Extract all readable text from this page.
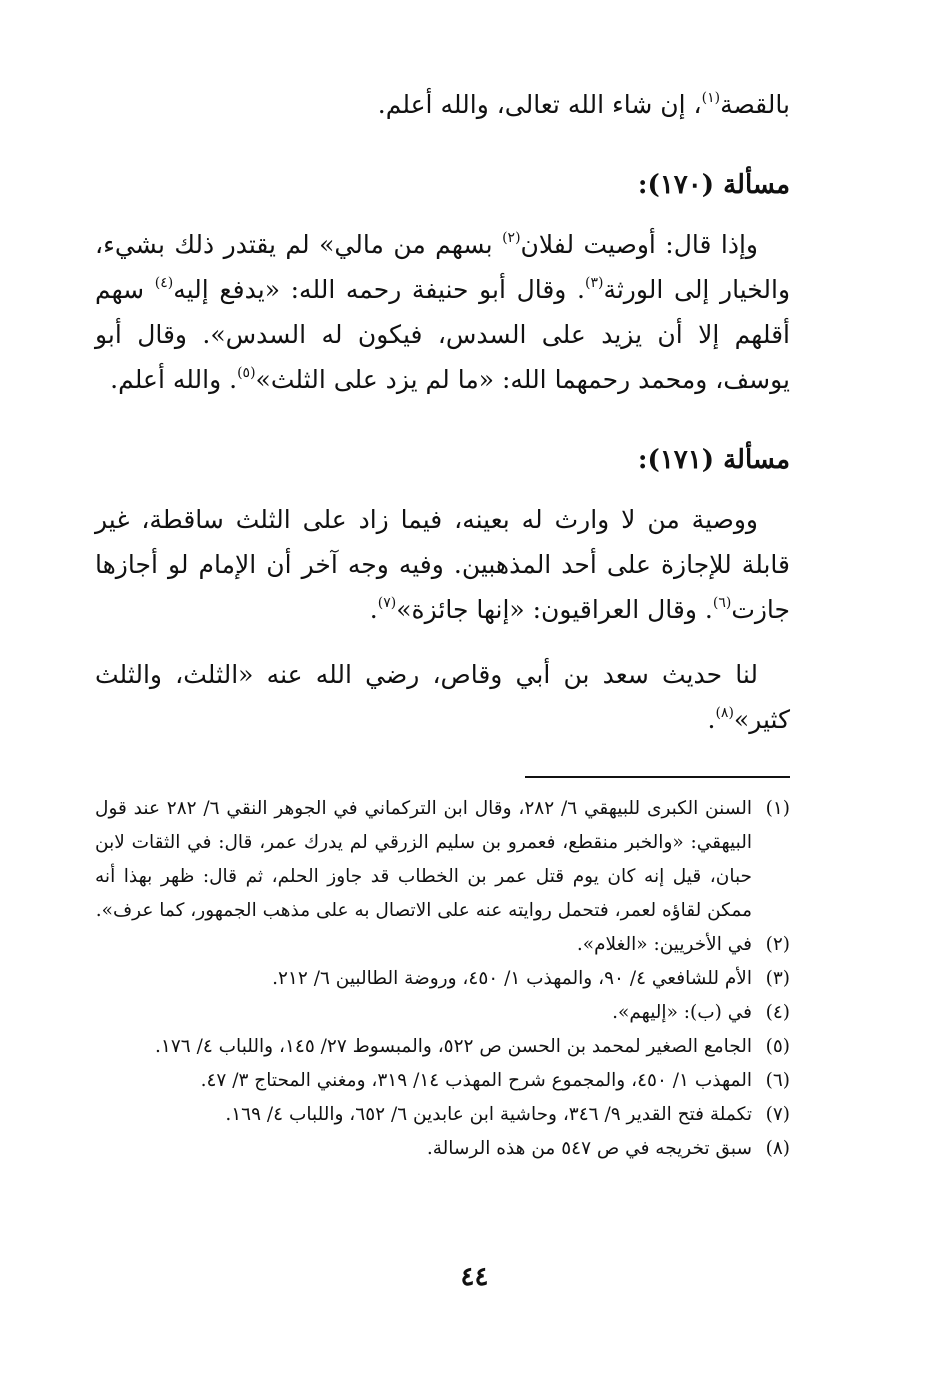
بالقصة$^{(١)}$، إن شاء الله تعالى، والله أعلم.

مسألة (١٧٠):

وإذا قال: أوصيت لفلان$^{(٢)}$ بسهم من مالي» لم يقتدر ذلك بشيء، والخيار إلى الورثة$^{(٣)}$. وقال أبو حنيفة رحمه الله: «يدفع إليه$^{(٤)}$ سهم أقلهم إلا أن يزيد على السدس، فيكون له السدس». وقال أبو يوسف، ومحمد رحمهما الله: «ما لم يزد على الثلث»$^{(٥)}$. والله أعلم.

مسألة (١٧١):

ووصية من لا وارث له بعينه، فيما زاد على الثلث ساقطة، غير قابلة للإجازة على أحد المذهبين. وفيه وجه آخر أن الإمام لو أجازها جازت$^{(٦)}$. وقال العراقيون: «إنها جائزة»$^{(٧)}$.

لنا حديث سعد بن أبي وقاص، رضي الله عنه «الثلث، والثلث كثير»$^{(٨)}$.

(١)
السنن الكبرى للبيهقي ٦/ ٢٨٢، وقال ابن التركماني في الجوهر النقي ٦/ ٢٨٢ عند قول البيهقي: «والخبر منقطع، فعمرو بن سليم الزرقي لم يدرك عمر، قال: في الثقات لابن حبان، قيل إنه كان يوم قتل عمر بن الخطاب قد جاوز الحلم، ثم قال: ظهر بهذا أنه ممكن لقاؤه لعمر، فتحمل روايته عنه على الاتصال به على مذهب الجمهور، كما عرف».
(٢)
في الأخريين: «الغلام».
(٣)
الأم للشافعي ٤/ ٩٠، والمهذب ١/ ٤٥٠، وروضة الطالبين ٦/ ٢١٢.
(٤)
في (ب): «إليهم».
(٥)
الجامع الصغير لمحمد بن الحسن ص ٥٢٢، والمبسوط ٢٧/ ١٤٥، واللباب ٤/ ١٧٦.
(٦)
المهذب ١/ ٤٥٠، والمجموع شرح المهذب ١٤/ ٣١٩، ومغني المحتاج ٣/ ٤٧.
(٧)
تكملة فتح القدير ٩/ ٣٤٦، وحاشية ابن عابدين ٦/ ٦٥٢، واللباب ٤/ ١٦٩.
(٨)
سبق تخريجه في ص ٥٤٧ من هذه الرسالة.
٤٤
